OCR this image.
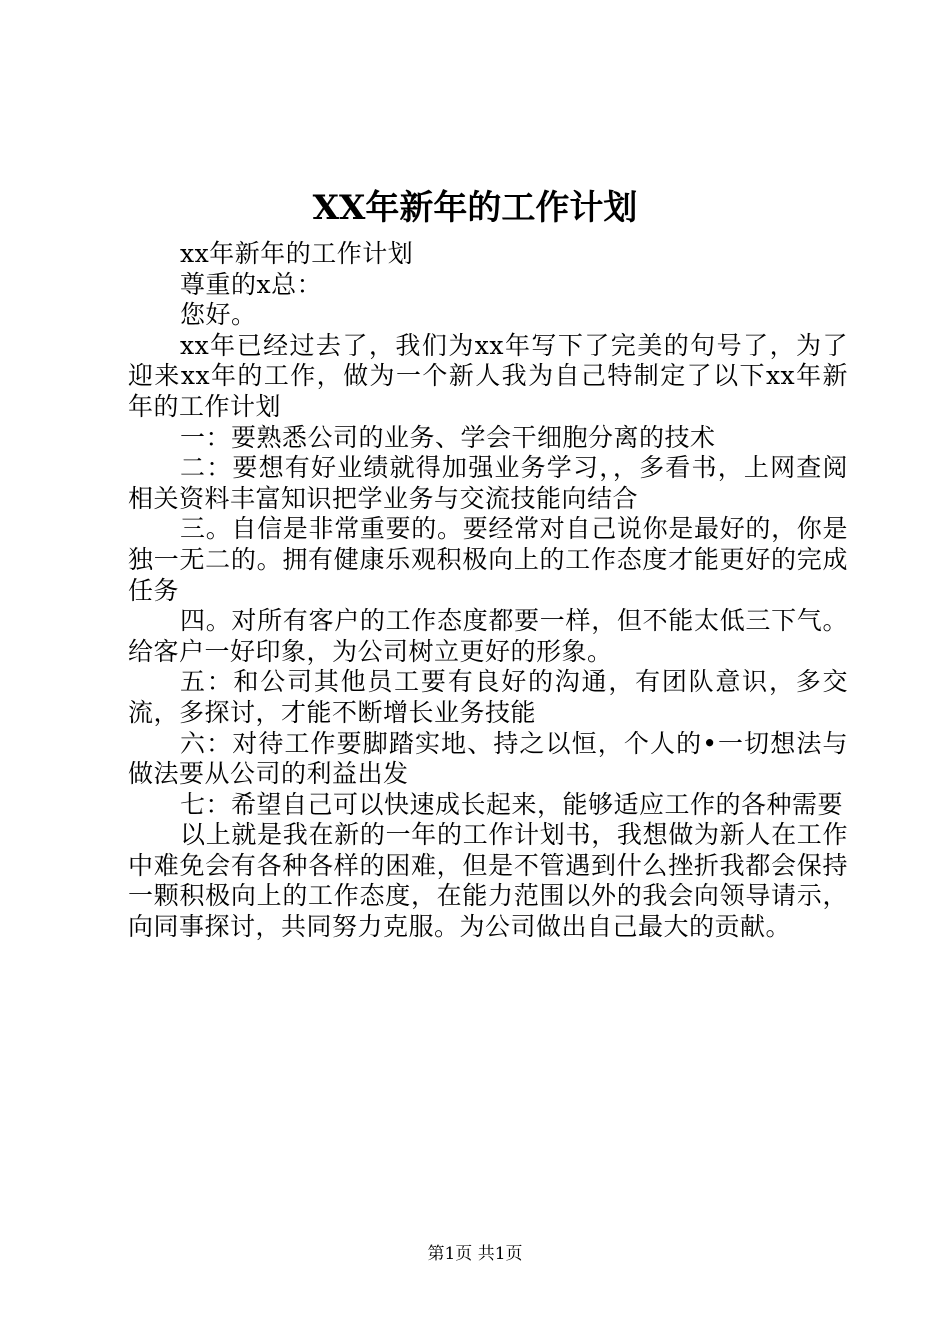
XX年新年的工作计划

xx年新年的工作计划

尊重的x总：

您好。

xx年已经过去了，我们为xx年写下了完美的句号了，为了迎来xx年的工作，做为一个新人我为自己特制定了以下xx年新年的工作计划

一：要熟悉公司的业务、学会干细胞分离的技术

二：要想有好业绩就得加强业务学习，，多看书，上网查阅相关资料丰富知识把学业务与交流技能向结合

三。自信是非常重要的。要经常对自己说你是最好的，你是独一无二的。拥有健康乐观积极向上的工作态度才能更好的完成任务

四。对所有客户的工作态度都要一样，但不能太低三下气。给客户一好印象，为公司树立更好的形象。

五：和公司其他员工要有良好的沟通，有团队意识，多交流，多探讨，才能不断增长业务技能

六：对待工作要脚踏实地、持之以恒，个人的•一切想法与做法要从公司的利益出发

七：希望自己可以快速成长起来，能够适应工作的各种需要

以上就是我在新的一年的工作计划书，我想做为新人在工作中难免会有各种各样的困难，但是不管遇到什么挫折我都会保持一颗积极向上的工作态度，在能力范围以外的我会向领导请示，向同事探讨，共同努力克服。为公司做出自己最大的贡献。

第1页 共1页
